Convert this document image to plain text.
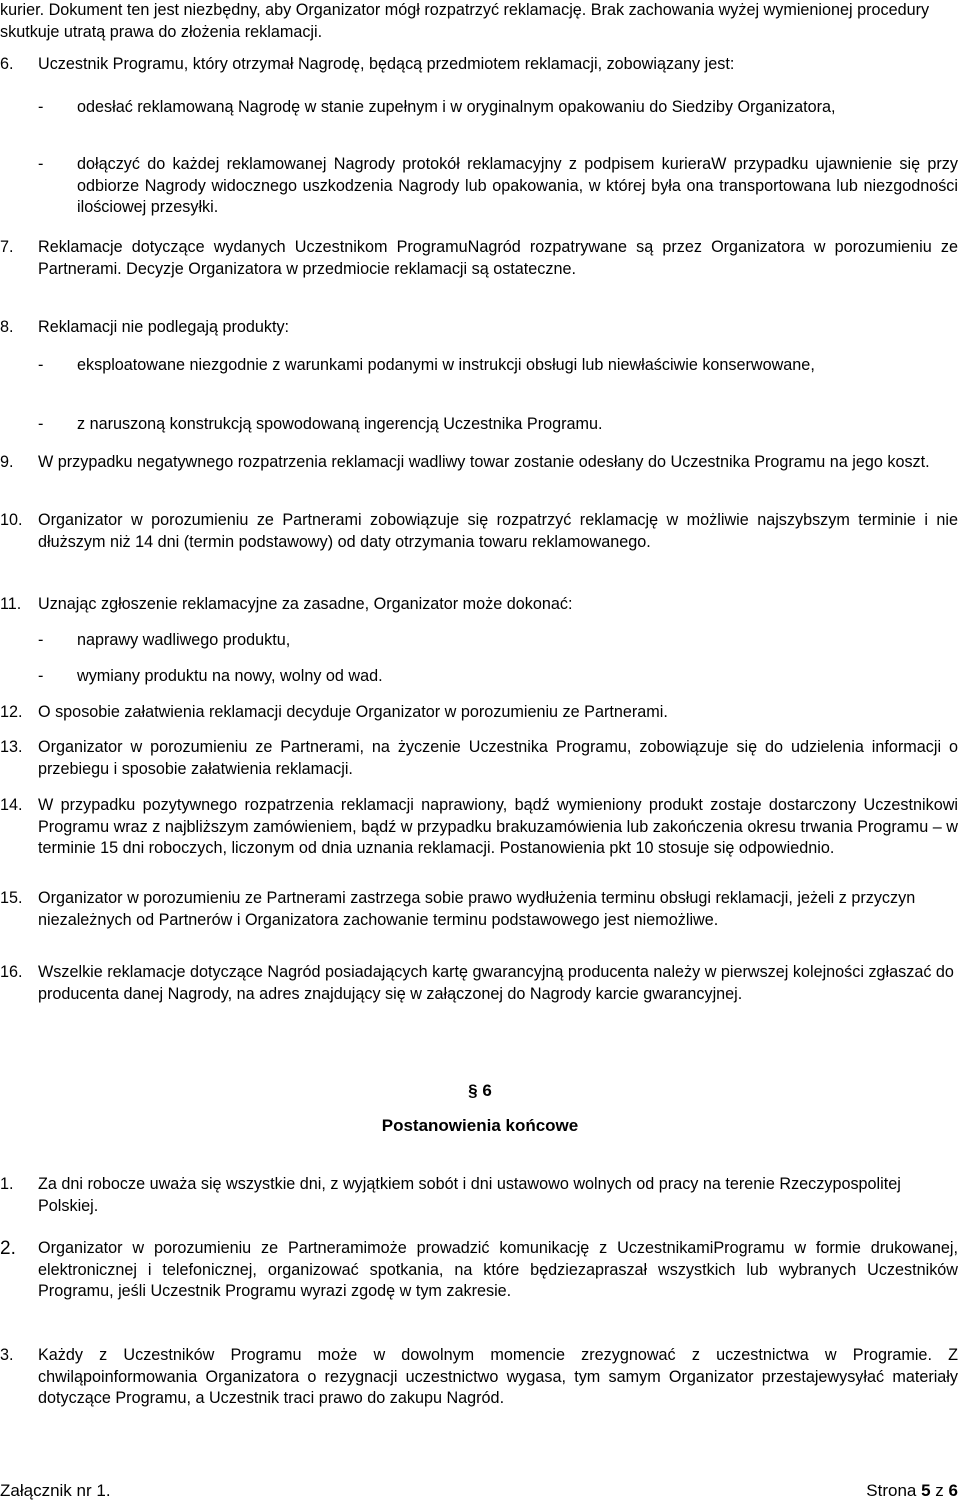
kurier. Dokument ten jest niezbędny, aby Organizator mógł rozpatrzyć reklamację. Brak zachowania wyżej wymienionej procedury skutkuje utratą prawa do złożenia reklamacji.
6.	Uczestnik Programu, który otrzymał Nagrodę, będącą przedmiotem reklamacji, zobowiązany jest:
-	odesłać reklamowaną Nagrodę w stanie zupełnym i w oryginalnym opakowaniu do Siedziby Organizatora,
-	dołączyć do każdej reklamowanej Nagrody protokół reklamacyjny z podpisem kurieraW przypadku ujawnienie się przy odbiorze Nagrody widocznego uszkodzenia Nagrody lub opakowania, w której była ona transportowana lub niezgodności ilościowej przesyłki.
7.	Reklamacje dotyczące wydanych Uczestnikom ProgramuNagród rozpatrywane są przez Organizatora w porozumieniu ze Partnerami. Decyzje Organizatora w przedmiocie reklamacji są ostateczne.
8.	Reklamacji nie podlegają produkty:
-	eksploatowane niezgodnie z warunkami podanymi w instrukcji obsługi lub niewłaściwie konserwowane,
-	z naruszoną konstrukcją spowodowaną ingerencją Uczestnika Programu.
9.	W przypadku negatywnego rozpatrzenia reklamacji wadliwy towar zostanie odesłany do Uczestnika Programu na jego koszt.
10. Organizator w porozumieniu ze Partnerami zobowiązuje się rozpatrzyć reklamację w możliwie najszybszym terminie i nie dłuższym niż 14 dni (termin podstawowy) od daty otrzymania towaru reklamowanego.
11.	Uznając zgłoszenie reklamacyjne za zasadne, Organizator może dokonać:
-	naprawy wadliwego produktu,
-	wymiany produktu na nowy, wolny od wad.
12. O sposobie załatwienia reklamacji decyduje Organizator w porozumieniu ze Partnerami.
13. Organizator w porozumieniu ze Partnerami, na życzenie Uczestnika Programu, zobowiązuje się do udzielenia informacji o przebiegu i sposobie załatwienia reklamacji.
14. W przypadku pozytywnego rozpatrzenia reklamacji naprawiony, bądź wymieniony produkt zostaje dostarczony Uczestnikowi Programu wraz z najbliższym zamówieniem, bądź w przypadku brakuzamówienia lub zakończenia okresu trwania Programu – w terminie 15 dni roboczych, liczonym od dnia uznania reklamacji. Postanowienia pkt 10 stosuje się odpowiednio.
15. Organizator w porozumieniu ze Partnerami zastrzega sobie prawo wydłużenia terminu obsługi reklamacji, jeżeli z przyczyn niezależnych od Partnerów i Organizatora zachowanie terminu podstawowego jest niemożliwe.
16. Wszelkie reklamacje dotyczące Nagród posiadających kartę gwarancyjną producenta należy w pierwszej kolejności zgłaszać do producenta danej Nagrody, na adres znajdujący się w załączonej do Nagrody karcie gwarancyjnej.
§ 6
Postanowienia końcowe
1.	Za dni robocze uważa się wszystkie dni, z wyjątkiem sobót i dni ustawowo wolnych od pracy na terenie Rzeczypospolitej Polskiej.
2.	Organizator w porozumieniu ze Partneramimoże prowadzić komunikację z UczestnikamiProgramu w formie drukowanej, elektronicznej i telefonicznej, organizować spotkania, na które będziezapraszał wszystkich lub wybranych Uczestników Programu, jeśli Uczestnik Programu wyrazi zgodę w tym zakresie.
3.	Każdy z Uczestników Programu może w dowolnym momencie zrezygnować z uczestnictwa w Programie. Z chwiląpoinformowania Organizatora o rezygnacji uczestnictwo wygasa, tym samym Organizator przestajewysyłać materiały dotyczące Programu, a Uczestnik traci prawo do zakupu Nagród.
Załącznik nr 1.	Strona 5 z 6
